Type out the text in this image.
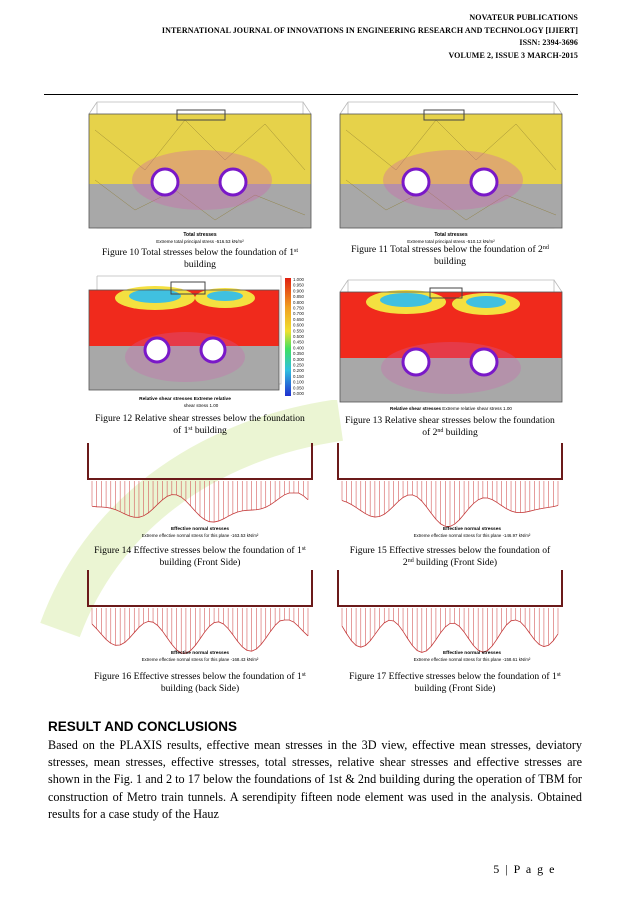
NOVATEUR PUBLICATIONS
INTERNATIONAL JOURNAL OF INNOVATIONS IN ENGINEERING RESEARCH AND TECHNOLOGY [IJIERT]
ISSN: 2394-3696
VOLUME 2, ISSUE 3 MARCH-2015
Total stresses
Extreme total principal stress -516.53 kN/m²
Figure 10 Total stresses below the foundation of 1st
building
Total stresses
Extreme total principal stress -510.12 kN/m²
Figure 11 Total stresses below the foundation of 2nd
building
1.000
0.950
0.900
0.850
0.800
0.750
0.700
0.650
0.600
0.550
0.500
0.450
0.400
0.350
0.300
0.250
0.200
0.150
0.100
0.050
0.000
Relative shear stresses Extreme relative
shear stress 1.00
Figure 12 Relative shear stresses below the foundation
of 1st building
Relative shear stresses Extreme relative shear stress 1.00
Figure 13 Relative shear stresses below the foundation
of 2nd building
Effective normal stresses
Extreme effective normal stress for this plane -163.53 kN/m²
Figure 14 Effective stresses below the foundation of 1st
building (Front Side)
Effective normal stresses
Extreme effective normal stress for this plane -146.97 kN/m²
Figure 15 Effective stresses below the foundation of
2nd building (Front Side)
Effective normal stresses
Extreme effective normal stress for this plane -168.43 kN/m²
Figure 16 Effective stresses below the foundation of 1st
building (back Side)
Effective normal stresses
Extreme effective normal stress for this plane -158.61 kN/m²
Figure 17 Effective stresses below the foundation of 1st
building (Front Side)
RESULT AND CONCLUSIONS
Based on the PLAXIS results, effective mean stresses in the 3D view, effective mean stresses, deviatory stresses, mean stresses, effective stresses, total stresses, relative shear stresses and effective stresses are shown in the Fig. 1 and 2 to 17 below the foundations of 1st & 2nd building during the operation of TBM for construction of Metro train tunnels. A serendipity fifteen node element was used in the analysis. Obtained results for a case study of the Hauz
5 | P a g e
